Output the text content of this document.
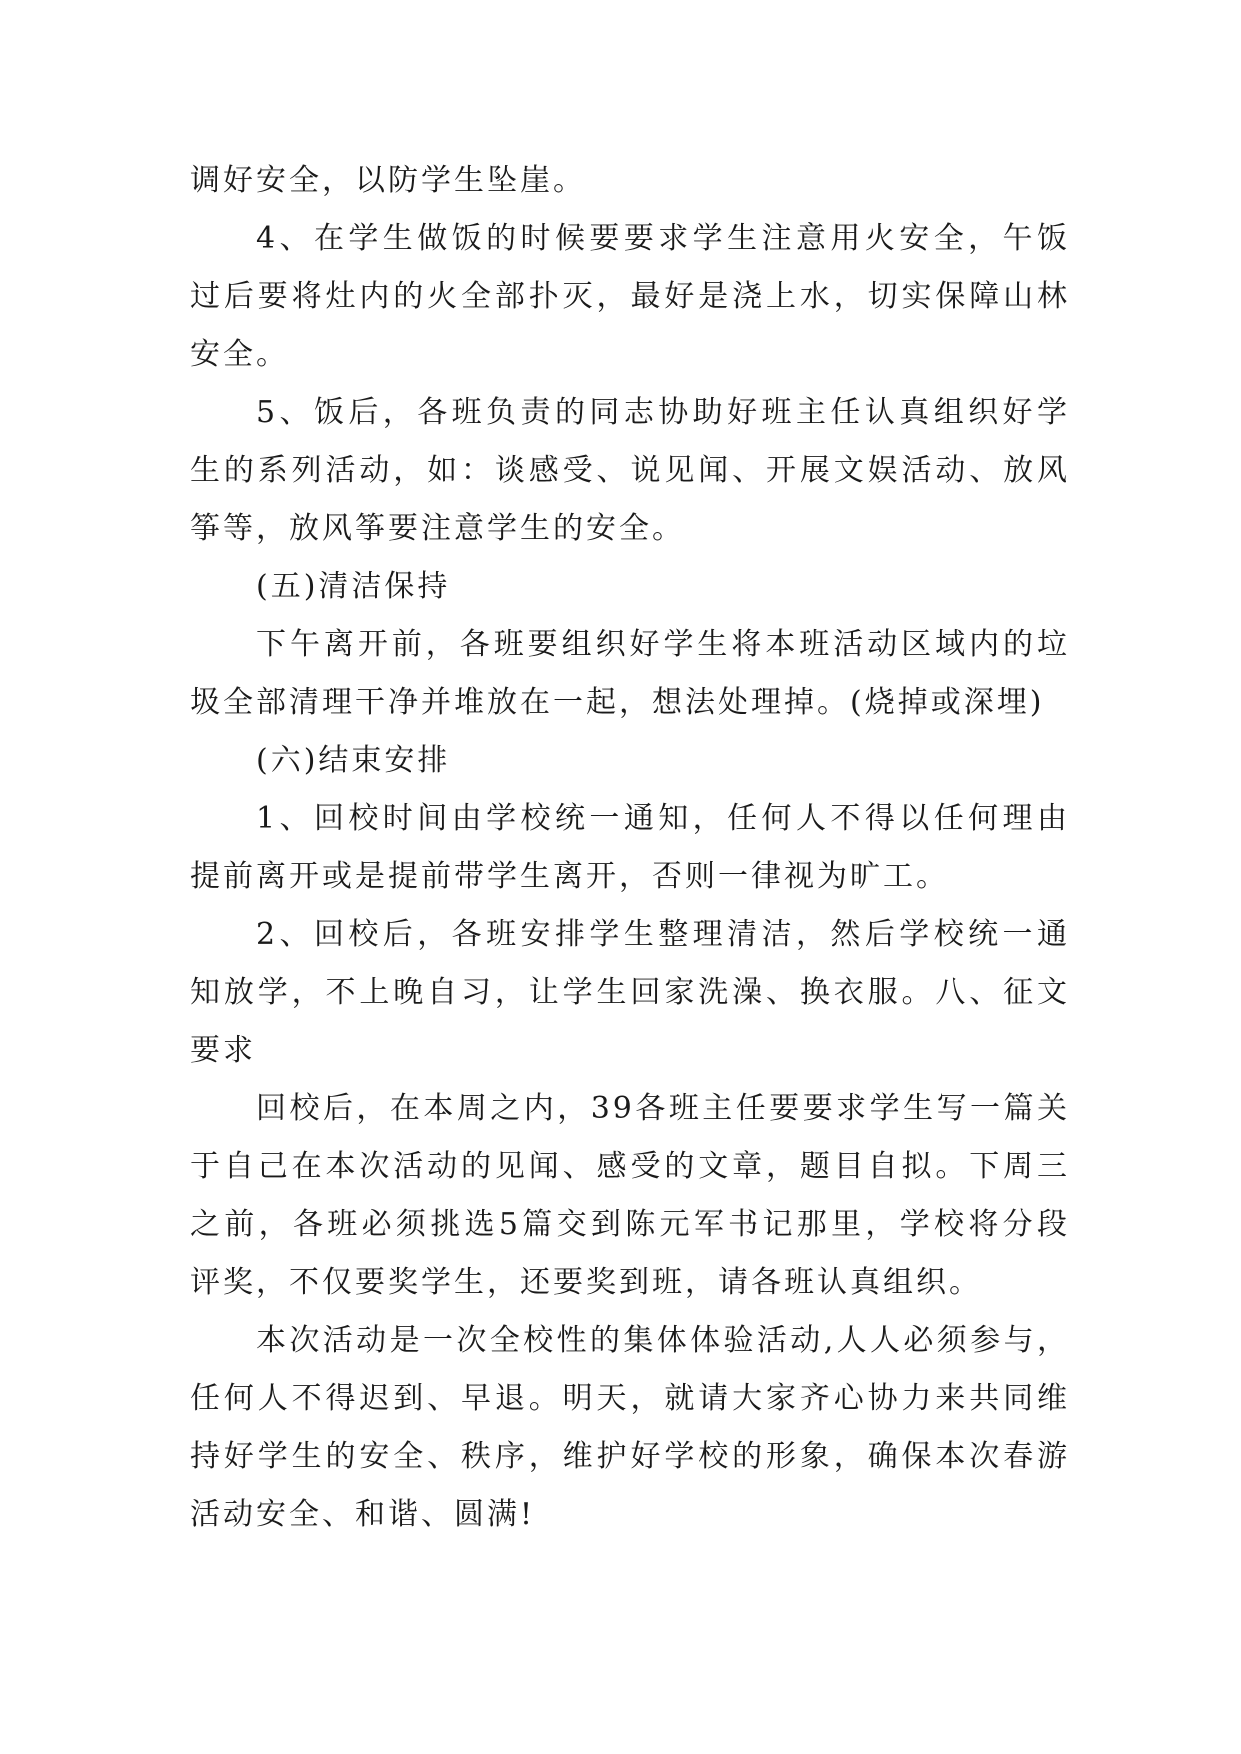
调好安全，以防学生坠崖。

4、在学生做饭的时候要要求学生注意用火安全，午饭过后要将灶内的火全部扑灭，最好是浇上水，切实保障山林安全。

5、饭后，各班负责的同志协助好班主任认真组织好学生的系列活动，如：谈感受、说见闻、开展文娱活动、放风筝等，放风筝要注意学生的安全。

(五)清洁保持

下午离开前，各班要组织好学生将本班活动区域内的垃圾全部清理干净并堆放在一起，想法处理掉。(烧掉或深埋)

(六)结束安排

1、回校时间由学校统一通知，任何人不得以任何理由提前离开或是提前带学生离开，否则一律视为旷工。

2、回校后，各班安排学生整理清洁，然后学校统一通知放学，不上晚自习，让学生回家洗澡、换衣服。八、征文要求

回校后，在本周之内，39各班主任要要求学生写一篇关于自己在本次活动的见闻、感受的文章，题目自拟。下周三之前，各班必须挑选5篇交到陈元军书记那里，学校将分段评奖，不仅要奖学生，还要奖到班，请各班认真组织。

本次活动是一次全校性的集体体验活动,人人必须参与，任何人不得迟到、早退。明天，就请大家齐心协力来共同维持好学生的安全、秩序，维护好学校的形象，确保本次春游活动安全、和谐、圆满!
